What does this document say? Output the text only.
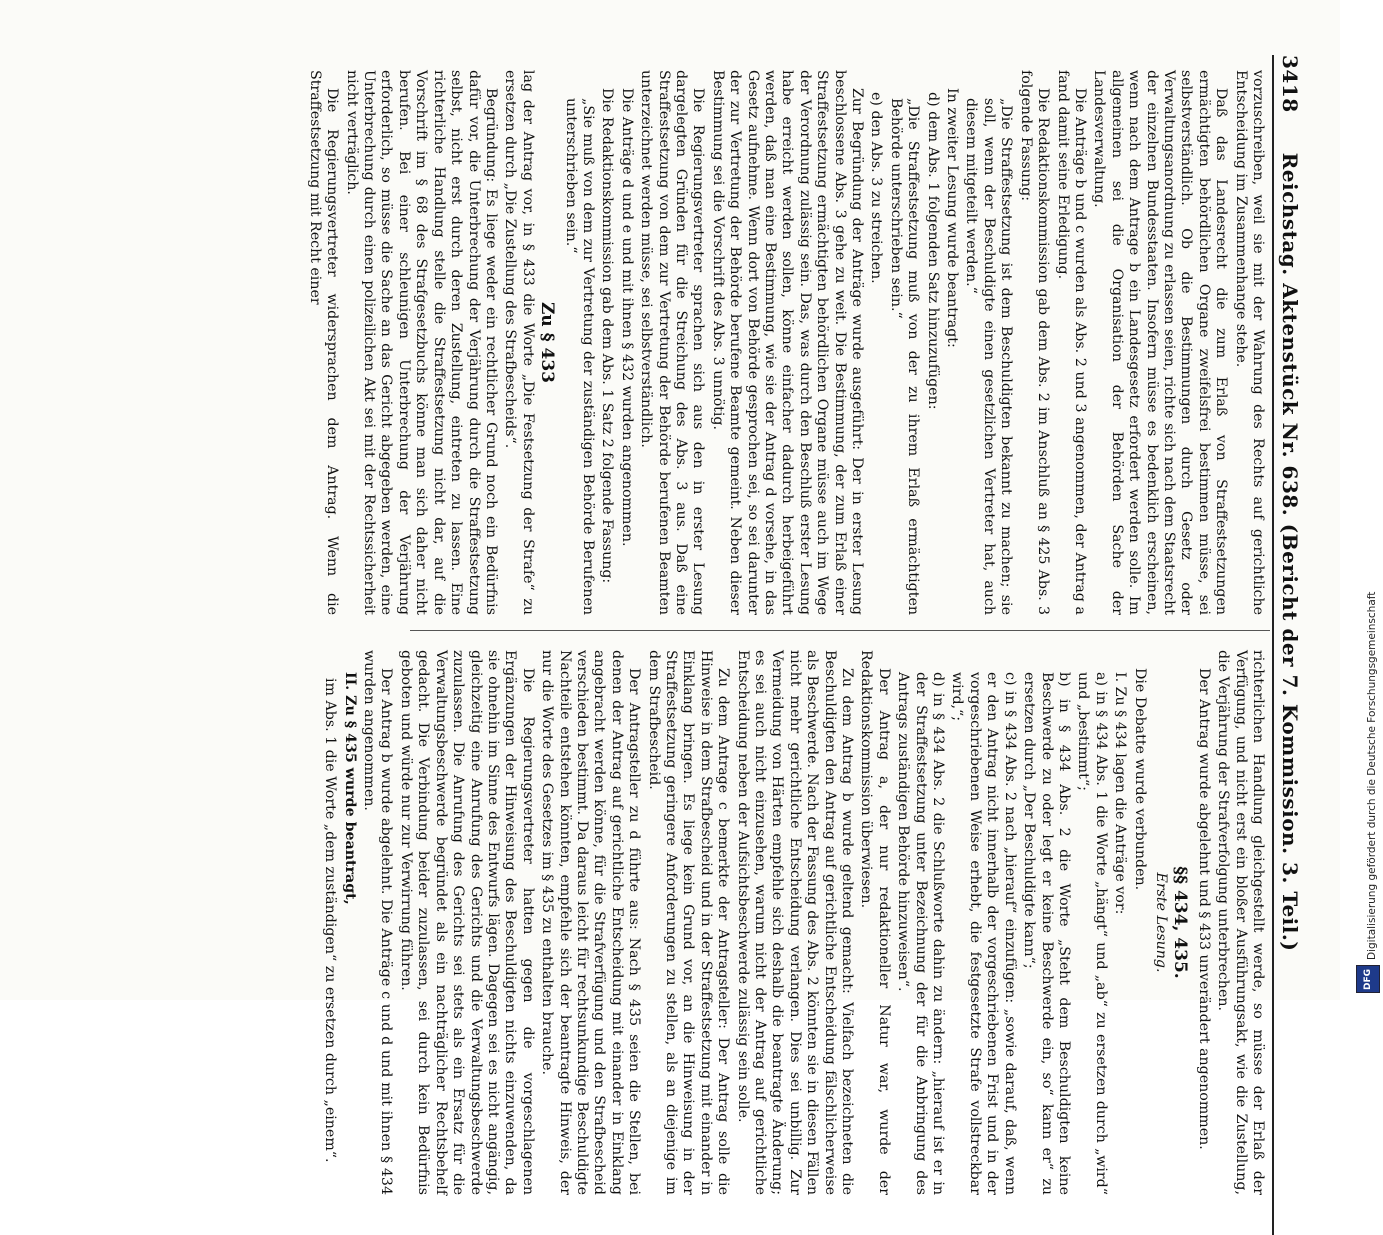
3418
Reichstag. Aktenstück Nr. 638. (Bericht der 7. Kommission. 3. Teil.)

vorzuschreiben, weil sie mit der Wahrung des Rechts auf gerichtliche Entscheidung im Zusammenhange stehe.

Daß das Landesrecht die zum Erlaß von Straffestsetzungen ermächtigten behördlichen Organe zweifelsfrei bestimmen müsse, sei selbstverständlich. Ob die Bestimmungen durch Gesetz oder Verwaltungsanordnung zu erlassen seien, richte sich nach dem Staatsrecht der einzelnen Bundesstaaten. Insofern müsse es bedenklich erscheinen, wenn nach dem Antrage b ein Landesgesetz erfordert werden solle. Im allgemeinen sei die Organisation der Behörden Sache der Landesverwaltung.

Die Anträge b und c wurden als Abs. 2 und 3 angenommen, der Antrag a fand damit seine Erledigung.

Die Redaktionskommission gab dem Abs. 2 im Anschluß an § 425 Abs. 3 folgende Fassung:

„Die Straffestsetzung ist dem Beschuldigten bekannt zu machen; sie soll, wenn der Beschuldigte einen gesetzlichen Vertreter hat, auch diesem mitgeteilt werden.“

In zweiter Lesung wurde beantragt:

d) dem Abs. 1 folgenden Satz hinzuzufügen:

„Die Straffestsetzung muß von der zu ihrem Erlaß ermächtigten Behörde unterschrieben sein.“

e) den Abs. 3 zu streichen.

Zur Begründung der Anträge wurde ausgeführt: Der in erster Lesung beschlossene Abs. 3 gehe zu weit. Die Bestimmung, der zum Erlaß einer Straffestsetzung ermächtigten behördlichen Organe müsse auch im Wege der Verordnung zulässig sein. Das, was durch den Beschluß erster Lesung habe erreicht werden sollen, könne einfacher dadurch herbeigeführt werden, daß man eine Bestimmung, wie sie der Antrag d vorsehe, in das Gesetz aufnehme. Wenn dort von Behörde gesprochen sei, so sei darunter der zur Vertretung der Behörde berufene Beamte gemeint. Neben dieser Bestimmung sei die Vorschrift des Abs. 3 unnötig.

Die Regierungsvertreter sprachen sich aus den in erster Lesung dargelegten Gründen für die Streichung des Abs. 3 aus. Daß eine Straffestsetzung von dem zur Vertretung der Behörde berufenen Beamten unterzeichnet werden müsse, sei selbstverständlich.

Die Anträge d und e und mit ihnen § 432 wurden angenommen.

Die Redaktionskommission gab dem Abs. 1 Satz 2 folgende Fassung:

„Sie muß von dem zur Vertretung der zuständigen Behörde Berufenen unterschrieben sein.“

Zu § 433

lag der Antrag vor, in § 433 die Worte „Die Festsetzung der Strafe“ zu ersetzen durch „Die Zustellung des Strafbescheids“.

Begründung: Es liege weder ein rechtlicher Grund noch ein Bedürfnis dafür vor, die Unterbrechung der Verjährung durch die Straffestsetzung selbst, nicht erst durch deren Zustellung, eintreten zu lassen. Eine richterliche Handlung stelle die Straffestsetzung nicht dar, auf die Vorschrift im § 68 des Strafgesetzbuchs könne man sich daher nicht berufen. Bei einer schleunigen Unterbrechung der Verjährung erforderlich, so müsse die Sache an das Gericht abgegeben werden, eine Unterbrechung durch einen polizeilichen Akt sei mit der Rechtssicherheit nicht verträglich.

Die Regierungsvertreter widersprachen dem Antrag. Wenn die Straffestsetzung mit Recht einer

richterlichen Handlung gleichgestellt werde, so müsse der Erlaß der Verfügung, und nicht erst ein bloßer Ausführungsakt, wie die Zustellung, die Verjährung der Strafverfolgung unterbrechen.

Der Antrag wurde abgelehnt und § 433 unverändert angenommen.

§§ 434, 435.

Erste Lesung.

Die Debatte wurde verbunden.

I. Zu § 434 lagen die Anträge vor:

a) in § 434 Abs. 1 die Worte „hängt“ und „ab“ zu ersetzen durch „wird“ und „bestimmt“;

b) in § 434 Abs. 2 die Worte „Steht dem Beschuldigten keine Beschwerde zu oder legt er keine Beschwerde ein, so“ kann er“ zu ersetzen durch „Der Beschuldigte kann“;

c) in § 434 Abs. 2 nach „hierauf“ einzufügen: „sowie darauf, daß, wenn er den Antrag nicht innerhalb der vorgeschriebenen Frist und in der vorgeschriebenen Weise erhebt, die festgesetzte Strafe vollstreckbar wird,“;

d) in § 434 Abs. 2 die Schlußworte dahin zu ändern: „hierauf ist er in der Straffestsetzung unter Bezeichnung der für die Anbringung des Antrags zuständigen Behörde hinzuweisen“.

Der Antrag a, der nur redaktioneller Natur war, wurde der Redaktionskommission überwiesen.

Zu dem Antrag b wurde geltend gemacht: Vielfach bezeichneten die Beschuldigten den Antrag auf gerichtliche Entscheidung fälschlicherweise als Beschwerde. Nach der Fassung des Abs. 2 könnten sie in diesen Fällen nicht mehr gerichtliche Entscheidung verlangen. Dies sei unbillig. Zur Vermeidung von Härten empfehle sich deshalb die beantragte Änderung; es sei auch nicht einzusehen, warum nicht der Antrag auf gerichtliche Entscheidung neben der Aufsichtsbeschwerde zulässig sein solle.

Zu dem Antrage c bemerkte der Antragsteller: Der Antrag solle die Hinweise in dem Strafbescheid und in der Straffestsetzung mit einander in Einklang bringen. Es liege kein Grund vor, an die Hinweisung in der Straffestsetzung geringere Anforderungen zu stellen, als an diejenige im dem Strafbescheid.

Der Antragsteller zu d führte aus: Nach § 435 seien die Stellen, bei denen der Antrag auf gerichtliche Entscheidung mit einander in Einklang angebracht werden könne, für die Strafverfügung und den Strafbescheid verschieden bestimmt. Da daraus leicht für rechtsunkundige Beschuldigte Nachteile entstehen könnten, empfehle sich der beantragte Hinweis, der nur die Worte des Gesetzes im § 435 zu enthalten brauche.

Die Regierungsvertreter hatten gegen die vorgeschlagenen Ergänzungen der Hinweisung des Beschuldigten nichts einzuwenden, da sie ohnehin im Sinne des Entwurfs lägen. Dagegen sei es nicht angängig, gleichzeitig eine Anrufung des Gerichts und die Verwaltungsbeschwerde zuzulassen. Die Anrufung des Gerichts sei stets als ein Ersatz für die Verwaltungsbeschwerde begründet als ein nachträglicher Rechtsbehelf gedacht. Die Verbindung beider zuzulassen, sei durch kein Bedürfnis geboten und würde nur zur Verwirrung führen.

Der Antrag b wurde abgelehnt. Die Anträge c und d und mit ihnen § 434 wurden angenommen.

II. Zu § 435 wurde beantragt,

im Abs. 1 die Worte „dem zuständigen“ zu ersetzen durch „einem“.	Digitalisierung gefördert durch die Deutsche Forschungsgemeinschaft
DFG
